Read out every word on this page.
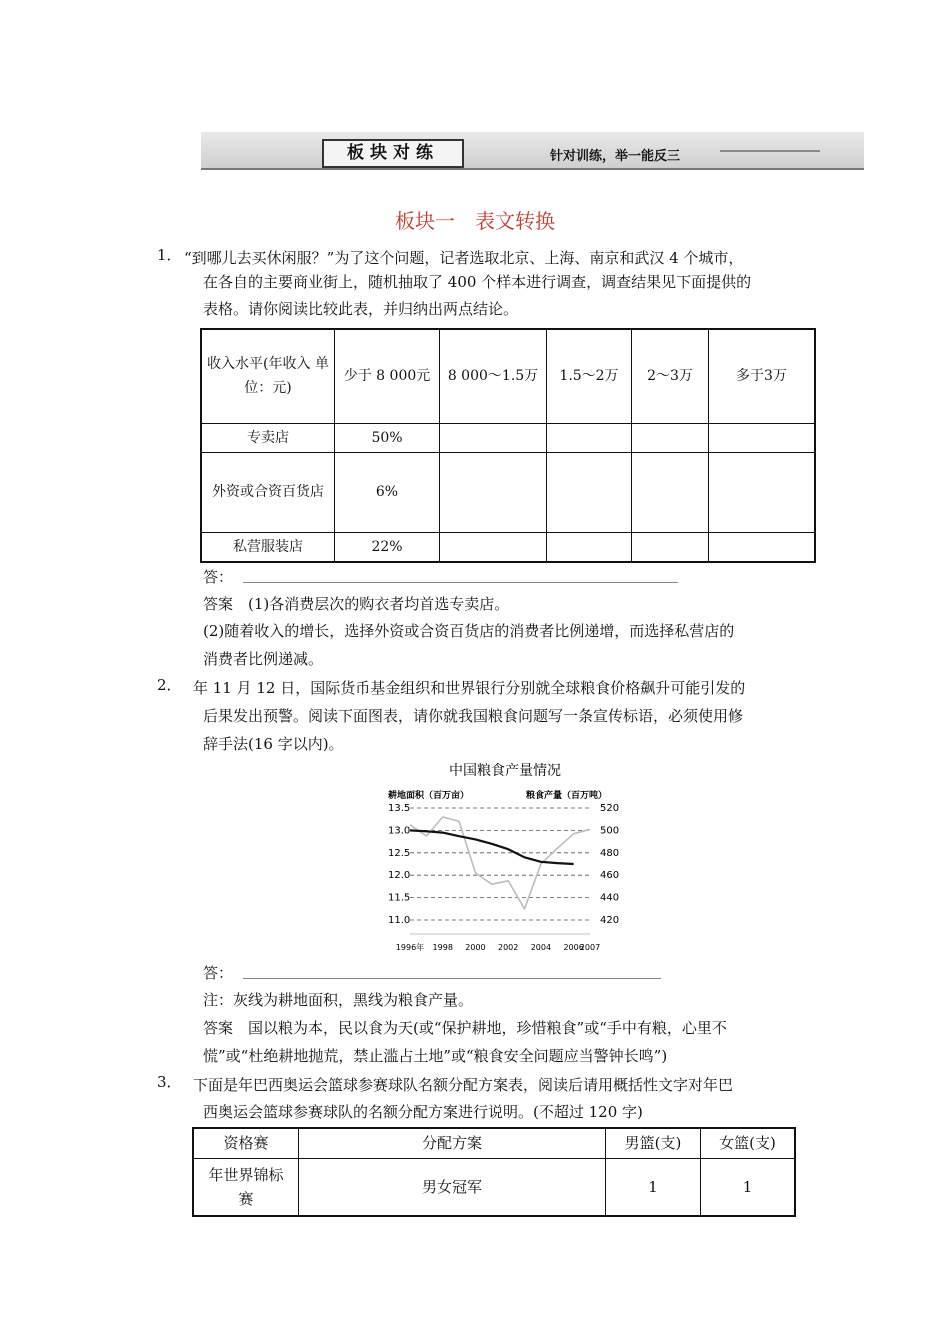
板块对练	针对训练，举一能反三
板块一　表文转换
1． “到哪儿去买休闲服？”为了这个问题，记者选取北京、上海、南京和武汉 4 个城市，
在各自的主要商业街上，随机抽取了 400 个样本进行调查，调查结果见下面提供的
表格。请你阅读比较此表，并归纳出两点结论。
收入水平(年收入 单位：元)	少于 8 000元	8 000～1.5万	1.5～2万	2～3万	多于3万
专卖店	50%				
外资或合资百货店	6%				
私营服装店	22%				
答：
答案　(1)各消费层次的购衣者均首选专卖店。
(2)随着收入的增长，选择外资或合资百货店的消费者比例递增，而选择私营店的
消费者比例递减。
2． 年 11 月 12 日，国际货币基金组织和世界银行分别就全球粮食价格飙升可能引发的
后果发出预警。阅读下面图表，请你就我国粮食问题写一条宣传标语，必须使用修
辞手法(16 字以内)。
中国粮食产量情况
耕地面积（百万亩）	粮食产量（百万吨）
13.5	520
13.0	500
12.5	480
12.0	460
11.5	440
11.0	420
1996年 1998 2000 2002 2004 2006
2007
答：
注：灰线为耕地面积，黑线为粮食产量。
答案　国以粮为本，民以食为天(或“保护耕地，珍惜粮食”或“手中有粮，心里不
慌”或“杜绝耕地抛荒，禁止滥占土地”或“粮食安全问题应当警钟长鸣”)
3． 下面是年巴西奥运会篮球参赛球队名额分配方案表，阅读后请用概括性文字对年巴
西奥运会篮球参赛球队的名额分配方案进行说明。(不超过 120 字)
资格赛	分配方案	男篮(支)	女篮(支)
年世界锦标赛	男女冠军	1	1
